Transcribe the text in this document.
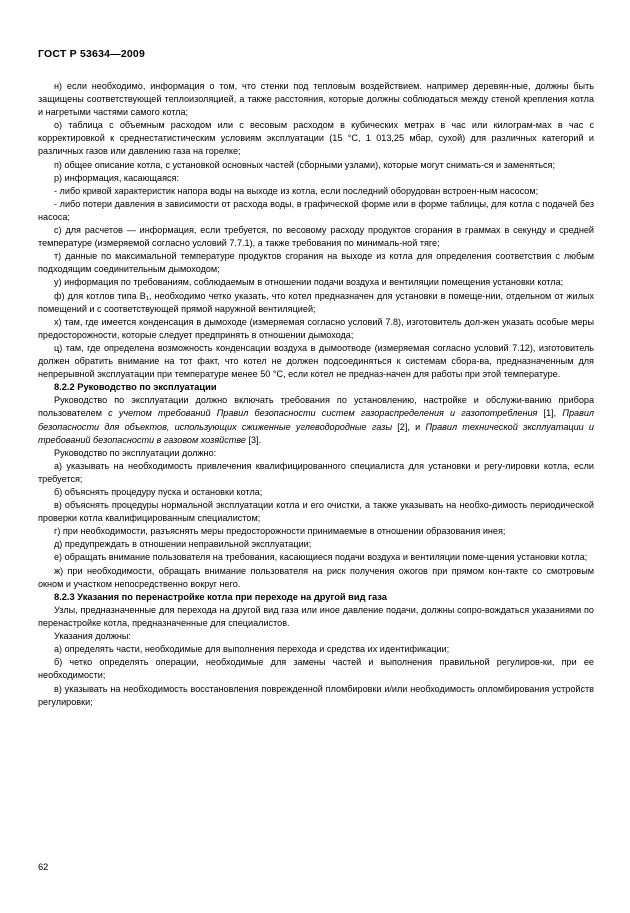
ГОСТ Р 53634—2009

н) если необходимо, информация о том, что стенки под тепловым воздействием. например деревян-ные, должны быть защищены соответствующей теплоизоляцией, а также расстояния, которые должны соблюдаться между стеной крепления котла и нагретыми частями самого котла;

о) таблица с объемным расходом или с весовым расходом в кубических метрах в час или килограм-мах в час с корректировкой к среднестатистическим условиям эксплуатации (15 °С, 1 013,25 мбар, сухой) для различных категорий и различных газов или давлению газа на горелке;

п) общее описание котла, с установкой основных частей (сборными узлами), которые могут снимать-ся и заменяться;

р) информация, касающаяся:

- либо кривой характеристик напора воды на выходе из котла, если последний оборудован встроен-ным насосом;

- либо потери давления в зависимости от расхода воды, в графической форме или в форме таблицы, для котла с подачей без насоса;

с) для расчетов — информация, если требуется, по весовому расходу продуктов сгорания в граммах в секунду и средней температуре (измеряемой согласно условий 7.7.1), а также требования по минималь-ной тяге;

т) данные по максимальной температуре продуктов сгорания на выходе из котла для определения соответствия с любым подходящим соединительным дымоходом;

у) информация по требованиям, соблюдаемым в отношении подачи воздуха и вентиляции помещения установки котла;

ф) для котлов типа В₁, необходимо четко указать, что котел предназначен для установки в помеще-нии, отдельном от жилых помещений и с соответствующей прямой наружной вентиляцией;

х) там, где имеется конденсация в дымоходе (измеряемая согласно условий 7.8), изготовитель дол-жен указать особые меры предосторожности, которые следует предпринять в отношении дымохода;

ц) там, где определена возможность конденсации воздуха в дымоотводе (измеряемая согласно условий 7.12), изготовитель должен обратить внимание на тот факт, что котел не должен подсоединяться к системам сбора-ва, предназначенным для непрерывной эксплуатации при температуре менее 50 °С, если котел не предназ-начен для работы при этой температуре.

8.2.2 Руководство по эксплуатации

Руководство по эксплуатации должно включать требования по установлению, настройке и обслужи-ванию прибора пользователем с учетом требований Правил безопасности систем газораспределения и газопотребления [1], Правил безопасности для объектов, использующих сжиженные углеводородные газы [2], и Правил технической эксплуатации и требований безопасности в газовом хозяйстве [3].

Руководство по эксплуатации должно:

а) указывать на необходимость привлечения квалифицированного специалиста для установки и регу-лировки котла, если требуется;

б) объяснять процедуру пуска и остановки котла;

в) объяснять процедуры нормальной эксплуатации котла и его очистки, а также указывать на необхо-димость периодической проверки котла квалифицированным специалистом;

г) при необходимости, разъяснять меры предосторожности принимаемые в отношении образования инея;

д) предупреждать в отношении неправильной эксплуатации;

е) обращать внимание пользователя на требования, касающиеся подачи воздуха и вентиляции поме-щения установки котла;

ж) при необходимости, обращать внимание пользователя на риск получения ожогов при прямом кон-такте со смотровым окном и участком непосредственно вокруг него.

8.2.3 Указания по перенастройке котла при переходе на другой вид газа

Узлы, предназначенные для перехода на другой вид газа или иное давление подачи, должны сопро-вождаться указаниями по перенастройке котла, предназначенные для специалистов.

Указания должны:

а) определять части, необходимые для выполнения перехода и средства их идентификации;

б) четко определять операции, необходимые для замены частей и выполнения правильной регулиров-ки, при ее необходимости;

в) указывать на необходимость восстановления поврежденной пломбировки и/или необходимость опломбирования устройств регулировки;

62
